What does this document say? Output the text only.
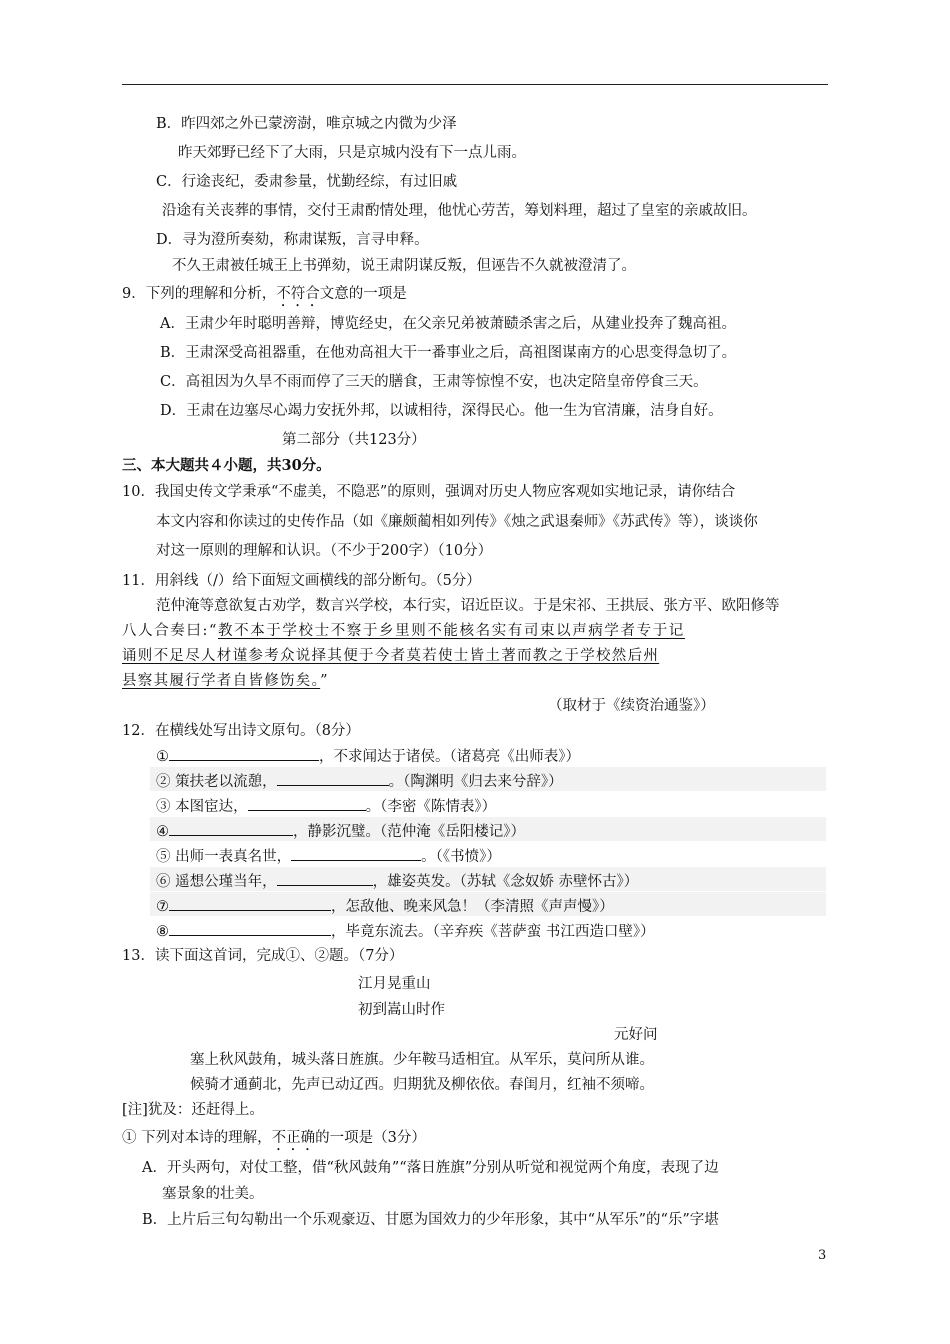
B．昨四郊之外已蒙滂澍，唯京城之内微为少泽
昨天郊野已经下了大雨，只是京城内没有下一点儿雨。
C．行途丧纪，委肃参量，忧勤经综，有过旧戚
沿途有关丧葬的事情，交付王肃酌情处理，他忧心劳苦，筹划料理，超过了皇室的亲戚故旧。
D．寻为澄所奏劾，称肃谋叛，言寻申释。
不久王肃被任城王上书弹劾，说王肃阴谋反叛，但诬告不久就被澄清了。
9．下列的理解和分析，不符合文意的一项是
A．王肃少年时聪明善辩，博览经史，在父亲兄弟被萧赜杀害之后，从建业投奔了魏高祖。
B．王肃深受高祖器重，在他劝高祖大干一番事业之后，高祖图谋南方的心思变得急切了。
C．高祖因为久旱不雨而停了三天的膳食，王肃等惊惶不安，也决定陪皇帝停食三天。
D．王肃在边塞尽心竭力安抚外邦，以诚相待，深得民心。他一生为官清廉，洁身自好。
第二部分（共123分）
三、本大题共４小题，共30分。
10．我国史传文学秉承“不虚美，不隐恶”的原则，强调对历史人物应客观如实地记录，请你结合
本文内容和你读过的史传作品（如《廉颇蔺相如列传》《烛之武退秦师》《苏武传》等），谈谈你
对这一原则的理解和认识。（不少于200字）（10分）
11．用斜线（/）给下面短文画横线的部分断句。（5分）
范仲淹等意欲复古劝学，数言兴学校，本行实，诏近臣议。于是宋祁、王拱辰、张方平、欧阳修等
八人合奏曰:“教不本于学校士不察于乡里则不能核名实有司束以声病学者专于记
诵则不足尽人材谨参考众说择其便于今者莫若使士皆土著而教之于学校然后州
县察其履行学者自皆修饬矣。”
（取材于《续资治通鉴》）
12．在横线处写出诗文原句。（8分）
①	，不求闻达于诸侯。（诸葛亮《出师表》）
② 策扶老以流憩，	。（陶渊明《归去来兮辞》）
③ 本图宦达，	。（李密《陈情表》）
④	，静影沉璧。（范仲淹《岳阳楼记》）
⑤ 出师一表真名世，	。（《书愤》）
⑥ 遥想公瑾当年，	，雄姿英发。（苏轼《念奴娇 赤壁怀古》）
⑦	，怎敌他、晚来风急！（李清照《声声慢》）
⑧	，毕竟东流去。（辛弃疾《菩萨蛮 书江西造口壁》）
13．读下面这首词，完成①、②题。（7分）
江月晃重山
初到嵩山时作
元好问
塞上秋风鼓角，城头落日旌旗。少年鞍马适相宜。从军乐，莫问所从谁。
候骑才通蓟北，先声已动辽西。归期犹及柳依依。春闺月，红袖不须啼。
[注]犹及：还赶得上。
① 下列对本诗的理解，不正确的一项是（3分）
A．开头两句，对仗工整，借“秋风鼓角”“落日旌旗”分别从听觉和视觉两个角度，表现了边
塞景象的壮美。
B．上片后三句勾勒出一个乐观豪迈、甘愿为国效力的少年形象，其中“从军乐”的“乐”字堪
3
